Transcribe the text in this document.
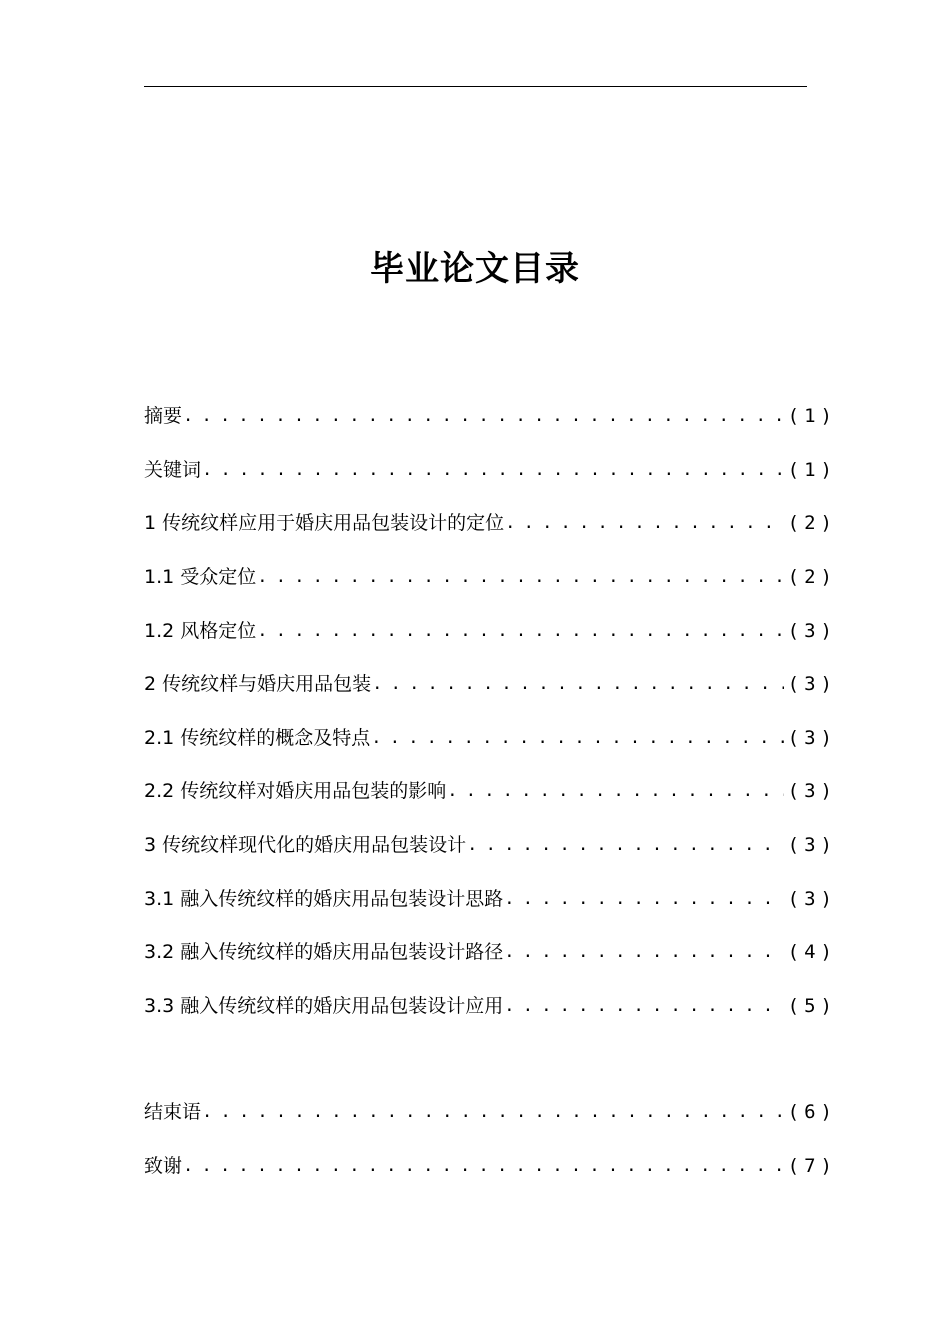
毕业论文目录
摘要 . . .	(1)
关键词 . . .	(1)
1 传统纹样应用于婚庆用品包装设计的定位 . . .	(2)
1.1 受众定位 . . .	(2)
1.2 风格定位 . . .	(3)
2 传统纹样与婚庆用品包装 . . .	(3)
2.1 传统纹样的概念及特点 . . .	(3)
2.2 传统纹样对婚庆用品包装的影响 . . .	(3)
3 传统纹样现代化的婚庆用品包装设计 . . .	(3)
3.1 融入传统纹样的婚庆用品包装设计思路 . . .	(3)
3.2 融入传统纹样的婚庆用品包装设计路径 . . .	(4)
3.3 融入传统纹样的婚庆用品包装设计应用 . . .	(5)
结束语 . . .	(6)
致谢 . . .	(7)
